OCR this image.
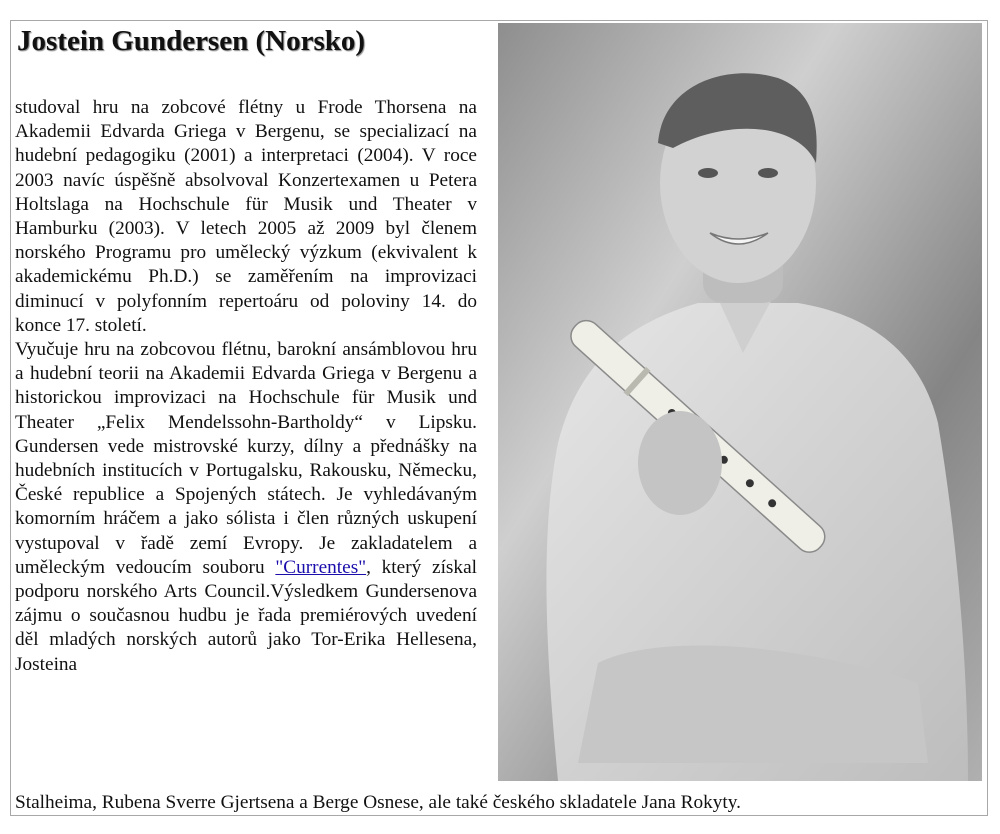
Jostein Gundersen (Norsko)

studoval hru na zobcové flétny u Frode Thorsena na Akademii Edvarda Griega v Bergenu, se specializací na hudební pedagogiku (2001) a interpretaci (2004). V roce 2003 navíc úspěšně absolvoval Konzertexamen u Petera Holtslaga na Hochschule für Musik und Theater v Hamburku (2003). V letech 2005 až 2009 byl členem norského Programu pro umělecký výzkum (ekvivalent k akademickému Ph.D.) se zaměřením na improvizaci diminucí v polyfonním repertoáru od poloviny 14. do konce 17. století.

Vyučuje hru na zobcovou flétnu, barokní ansámblovou hru a hudební teorii na Akademii Edvarda Griega v Bergenu a historickou improvizaci na Hochschule für Musik und Theater „Felix Mendelssohn-Bartholdy“ v Lipsku. Gundersen vede mistrovské kurzy, dílny a přednášky na hudebních institucích v Portugalsku, Rakousku, Německu, České republice a Spojených státech. Je vyhledávaným komorním hráčem a jako sólista i člen různých uskupení vystupoval v řadě zemí Evropy. Je zakladatelem a uměleckým vedoucím souboru "Currentes", který získal podporu norského Arts Council.Výsledkem Gundersenova zájmu o současnou hudbu je řada premiérových uvedení děl mladých norských autorů jako Tor-Erika Hellesena, Josteina

Stalheima, Rubena Sverre Gjertsena a Berge Osnese, ale také českého skladatele Jana Rokyty.
